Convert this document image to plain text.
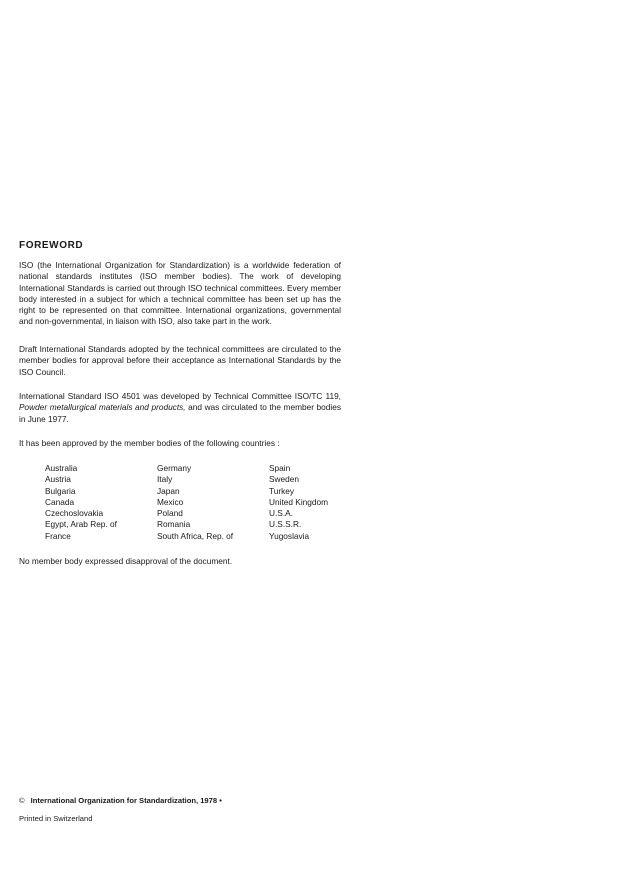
FOREWORD

ISO (the International Organization for Standardization) is a worldwide federation of national standards institutes (ISO member bodies). The work of developing International Standards is carried out through ISO technical committees. Every member body interested in a subject for which a technical committee has been set up has the right to be represented on that committee. International organizations, governmental and non-governmental, in liaison with ISO, also take part in the work.

Draft International Standards adopted by the technical committees are circulated to the member bodies for approval before their acceptance as International Standards by the ISO Council.

International Standard ISO 4501 was developed by Technical Committee ISO/TC 119, Powder metallurgical materials and products, and was circulated to the member bodies in June 1977.

It has been approved by the member bodies of the following countries :

Australia
Austria
Bulgaria
Canada
Czechoslovakia
Egypt, Arab Rep. of
France
Germany
Italy
Japan
Mexico
Poland
Romania
South Africa, Rep. of
Spain
Sweden
Turkey
United Kingdom
U.S.A.
U.S.S.R.
Yugoslavia

No member body expressed disapproval of the document.

© International Organization for Standardization, 1978 •
Printed in Switzerland
